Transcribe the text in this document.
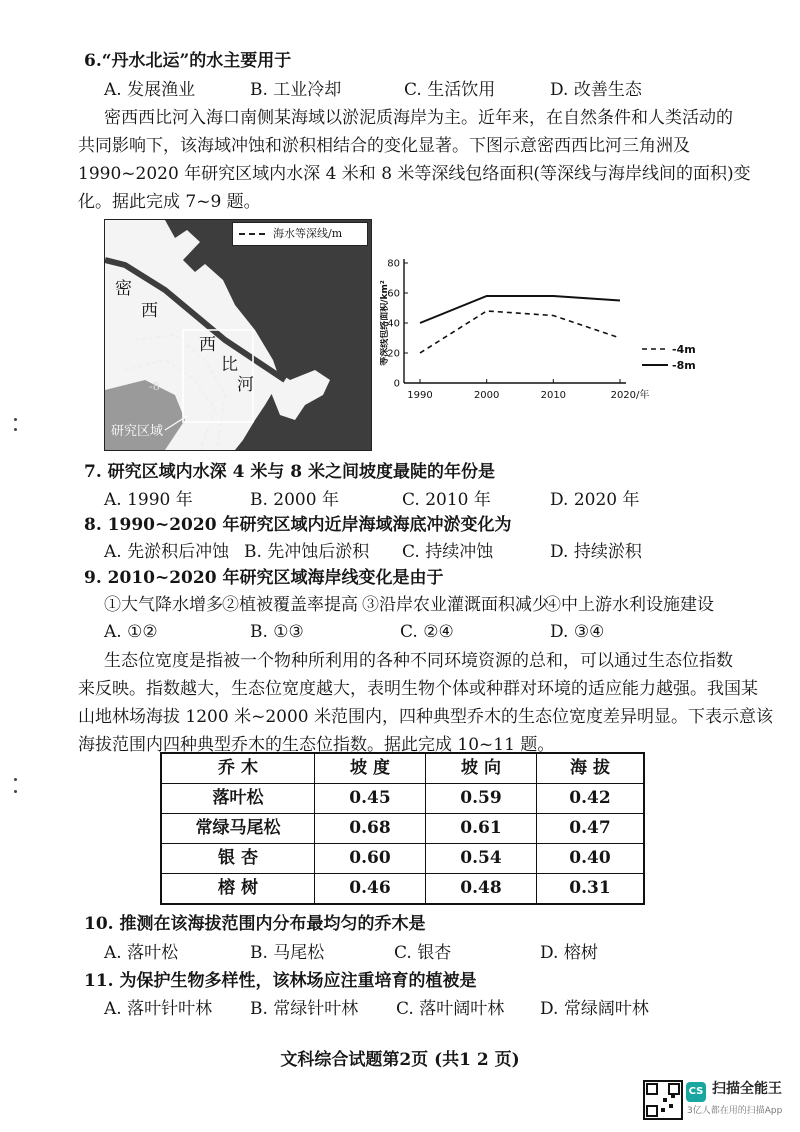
6.“丹水北运”的水主要用于
A. 发展渔业	B. 工业冷却	C. 生活饮用	D. 改善生态
密西西比河入海口南侧某海域以淤泥质海岸为主。近年来，在自然条件和人类活动的
共同影响下，该海域冲蚀和淤积相结合的变化显著。下图示意密西西比河三角洲及
1990~2020 年研究区域内水深 4 米和 8 米等深线包络面积(等深线与海岸线间的面积)变
化。据此完成 7~9 题。
密
西
西
比
河
-8
研究区域
海水等深线/m
0
20
40
60
80
1990	2000	2010	2020/年
等深线包络面积/km²	-4m
-8m
7. 研究区域内水深 4 米与 8 米之间坡度最陡的年份是
A. 1990 年	B. 2000 年	C. 2010 年	D. 2020 年
8. 1990~2020 年研究区域内近岸海域海底冲淤变化为
A. 先淤积后冲蚀 B. 先冲蚀后淤积 C. 持续冲蚀	D. 持续淤积
9. 2010~2020 年研究区域海岸线变化是由于
①大气降水增多 ②植被覆盖率提高 ③沿岸农业灌溉面积减少
④中上游水利设施建设
A. ①②	B. ①③	C. ②④	D. ③④
生态位宽度是指被一个物种所利用的各种不同环境资源的总和，可以通过生态位指数
来反映。指数越大，生态位宽度越大，表明生物个体或种群对环境的适应能力越强。我国某
山地林场海拔 1200 米~2000 米范围内，四种典型乔木的生态位宽度差异明显。下表示意该
海拔范围内四种典型乔木的生态位指数。据此完成 10~11 题。
乔 木	坡 度	坡 向	海 拔
落叶松	0.45	0.59	0.42
常绿马尾松	0.68	0.61	0.47
银 杏	0.60	0.54	0.40
榕 树	0.46	0.48	0.31
10. 推测在该海拔范围内分布最均匀的乔木是
A. 落叶松	B. 马尾松	C. 银杏	D. 榕树
11. 为保护生物多样性，该林场应注重培育的植被是
A. 落叶针叶林 B. 常绿针叶林 C. 落叶阔叶林 D. 常绿阔叶林
文科综合试题第2页 (共1 2 页)
CS 扫描全能王
3亿人都在用的扫描App
